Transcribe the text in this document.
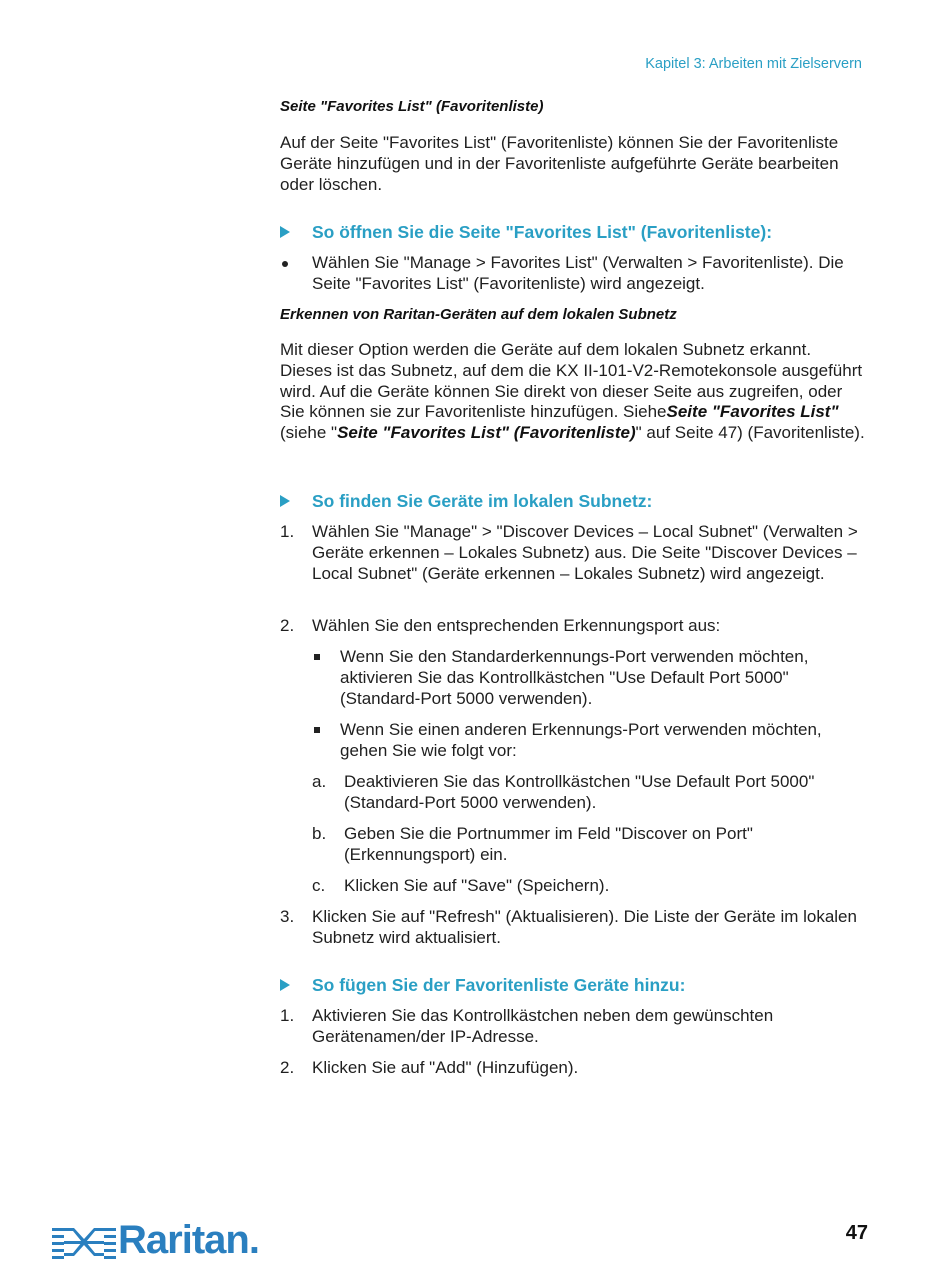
Kapitel 3: Arbeiten mit Zielservern
Seite "Favorites List" (Favoritenliste)
Auf der Seite "Favorites List" (Favoritenliste) können Sie der Favoritenliste Geräte hinzufügen und in der Favoritenliste aufgeführte Geräte bearbeiten oder löschen.
So öffnen Sie die Seite "Favorites List" (Favoritenliste):
Wählen Sie "Manage > Favorites List" (Verwalten > Favoritenliste). Die Seite "Favorites List" (Favoritenliste) wird angezeigt.
Erkennen von Raritan-Geräten auf dem lokalen Subnetz
Mit dieser Option werden die Geräte auf dem lokalen Subnetz erkannt. Dieses ist das Subnetz, auf dem die KX II-101-V2-Remotekonsole ausgeführt wird. Auf die Geräte können Sie direkt von dieser Seite aus zugreifen, oder Sie können sie zur Favoritenliste hinzufügen. SieheSeite "Favorites List" (siehe "Seite "Favorites List" (Favoritenliste)" auf Seite 47) (Favoritenliste).
So finden Sie Geräte im lokalen Subnetz:
1. Wählen Sie "Manage" > "Discover Devices – Local Subnet" (Verwalten > Geräte erkennen – Lokales Subnetz) aus. Die Seite "Discover Devices – Local Subnet" (Geräte erkennen – Lokales Subnetz) wird angezeigt.
2. Wählen Sie den entsprechenden Erkennungsport aus:
Wenn Sie den Standarderkennungs-Port verwenden möchten, aktivieren Sie das Kontrollkästchen "Use Default Port 5000" (Standard-Port 5000 verwenden).
Wenn Sie einen anderen Erkennungs-Port verwenden möchten, gehen Sie wie folgt vor:
a. Deaktivieren Sie das Kontrollkästchen "Use Default Port 5000" (Standard-Port 5000 verwenden).
b. Geben Sie die Portnummer im Feld "Discover on Port" (Erkennungsport) ein.
c. Klicken Sie auf "Save" (Speichern).
3. Klicken Sie auf "Refresh" (Aktualisieren). Die Liste der Geräte im lokalen Subnetz wird aktualisiert.
So fügen Sie der Favoritenliste Geräte hinzu:
1. Aktivieren Sie das Kontrollkästchen neben dem gewünschten Gerätenamen/der IP-Adresse.
2. Klicken Sie auf "Add" (Hinzufügen).
Raritan.	47
